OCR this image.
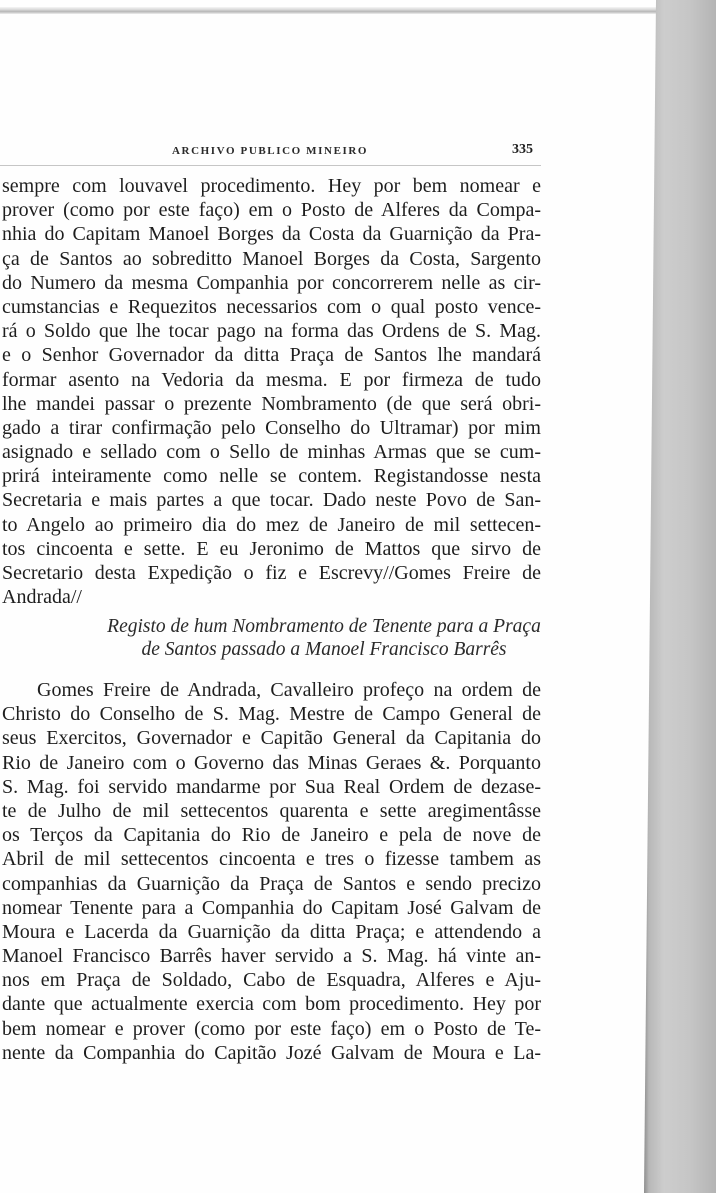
ARCHIVO PUBLICO MINEIRO	335
sempre com louvavel procedimento. Hey por bem nomear e
prover (como por este faço) em o Posto de Alferes da Compa-
nhia do Capitam Manoel Borges da Costa da Guarnição da Pra-
ça de Santos ao sobreditto Manoel Borges da Costa, Sargento
do Numero da mesma Companhia por concorrerem nelle as cir-
cumstancias e Requezitos necessarios com o qual posto vence-
rá o Soldo que lhe tocar pago na forma das Ordens de S. Mag.
e o Senhor Governador da ditta Praça de Santos lhe mandará
formar asento na Vedoria da mesma. E por firmeza de tudo
lhe mandei passar o prezente Nombramento (de que será obri-
gado a tirar confirmação pelo Conselho do Ultramar) por mim
asignado e sellado com o Sello de minhas Armas que se cum-
prirá inteiramente como nelle se contem. Registandosse nesta
Secretaria e mais partes a que tocar. Dado neste Povo de San-
to Angelo ao primeiro dia do mez de Janeiro de mil settecen-
tos cincoenta e sette. E eu Jeronimo de Mattos que sirvo de
Secretario desta Expedição o fiz e Escrevy//Gomes Freire de
Andrada//
Registo de hum Nombramento de Tenente para a Praça
de Santos passado a Manoel Francisco Barrês
Gomes Freire de Andrada, Cavalleiro profeço na ordem de
Christo do Conselho de S. Mag. Mestre de Campo General de
seus Exercitos, Governador e Capitão General da Capitania do
Rio de Janeiro com o Governo das Minas Geraes &. Porquanto
S. Mag. foi servido mandarme por Sua Real Ordem de dezase-
te de Julho de mil settecentos quarenta e sette aregimentâsse
os Terços da Capitania do Rio de Janeiro e pela de nove de
Abril de mil settecentos cincoenta e tres o fizesse tambem as
companhias da Guarnição da Praça de Santos e sendo precizo
nomear Tenente para a Companhia do Capitam José Galvam de
Moura e Lacerda da Guarnição da ditta Praça; e attendendo a
Manoel Francisco Barrês haver servido a S. Mag. há vinte an-
nos em Praça de Soldado, Cabo de Esquadra, Alferes e Aju-
dante que actualmente exercia com bom procedimento. Hey por
bem nomear e prover (como por este faço) em o Posto de Te-
nente da Companhia do Capitão Jozé Galvam de Moura e La-
